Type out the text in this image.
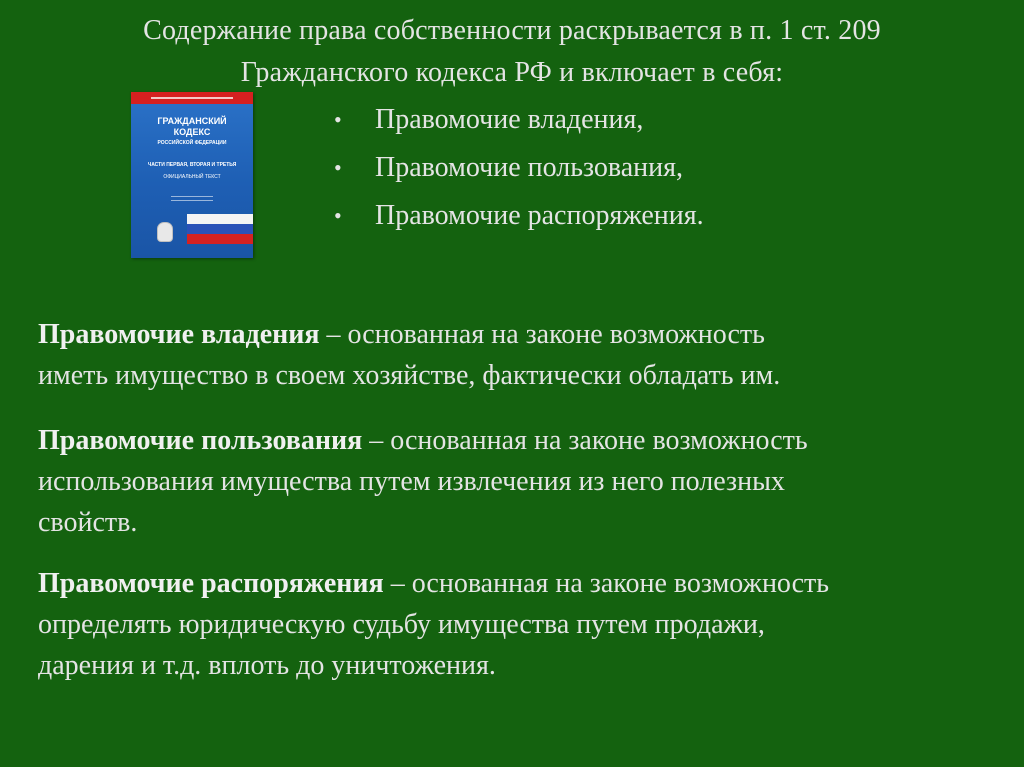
Содержание права собственности раскрывается в п. 1 ст. 209
Гражданского кодекса РФ и включает в себя:
ГРАЖДАНСКИЙ
КОДЕКС
РОССИЙСКОЙ ФЕДЕРАЦИИ
ЧАСТИ ПЕРВАЯ, ВТОРАЯ И ТРЕТЬЯ
ОФИЦИАЛЬНЫЙ ТЕКСТ
•	Правомочие владения,
•	Правомочие пользования,
•	Правомочие распоряжения.
Правомочие владения – основанная на законе возможность
иметь имущество в своем хозяйстве, фактически обладать им.
Правомочие пользования – основанная на законе возможность
использования имущества путем извлечения из него полезных
свойств.
Правомочие распоряжения – основанная на законе возможность
определять юридическую судьбу имущества путем продажи,
дарения и т.д. вплоть до уничтожения.
